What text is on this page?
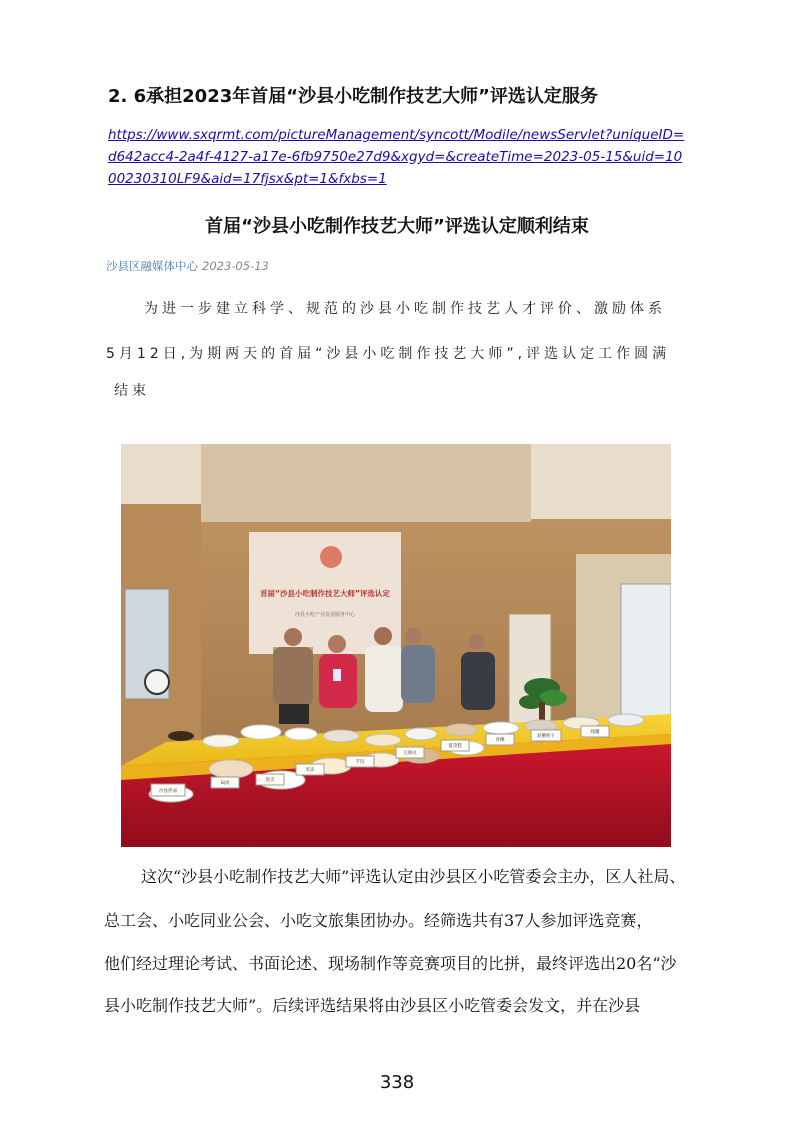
2. 6承担2023年首届“沙县小吃制作技艺大师”评选认定服务
https://www.sxqrmt.com/pictureManagement/syncott/Modile/newsServlet?uniqueID=d642acc4-2a4f-4127-a17e-6fb9750e27d9&xgyd=&createTime=2023-05-15&uid=1000230310LF9&aid=17fjsx&pt=1&fxbs=1
首届“沙县小吃制作技艺大师”评选认定顺利结束
沙县区融媒体中心 2023-05-13
为进一步建立科学、规范的沙县小吃制作技艺人才评价、激励体系
5月12日,为期两天的首届“沙县小吃制作技艺大师”,评选认定工作圆满
结束
首届“沙县小吃制作技艺大师”评选认定
沙县小吃产业发展服务中心
沙县拌面
扁肉
烧卖
米冻
芋饺
豆腐丸
夏茂糕
喜粿
泥鳅粉干
炖罐
这次“沙县小吃制作技艺大师”评选认定由沙县区小吃管委会主办，区人社局、
总工会、小吃同业公会、小吃文旅集团协办。经筛选共有37人参加评选竞赛，
他们经过理论考试、书面论述、现场制作等竞赛项目的比拼，最终评选出20名“沙
县小吃制作技艺大师”。后续评选结果将由沙县区小吃管委会发文，并在沙县
338
